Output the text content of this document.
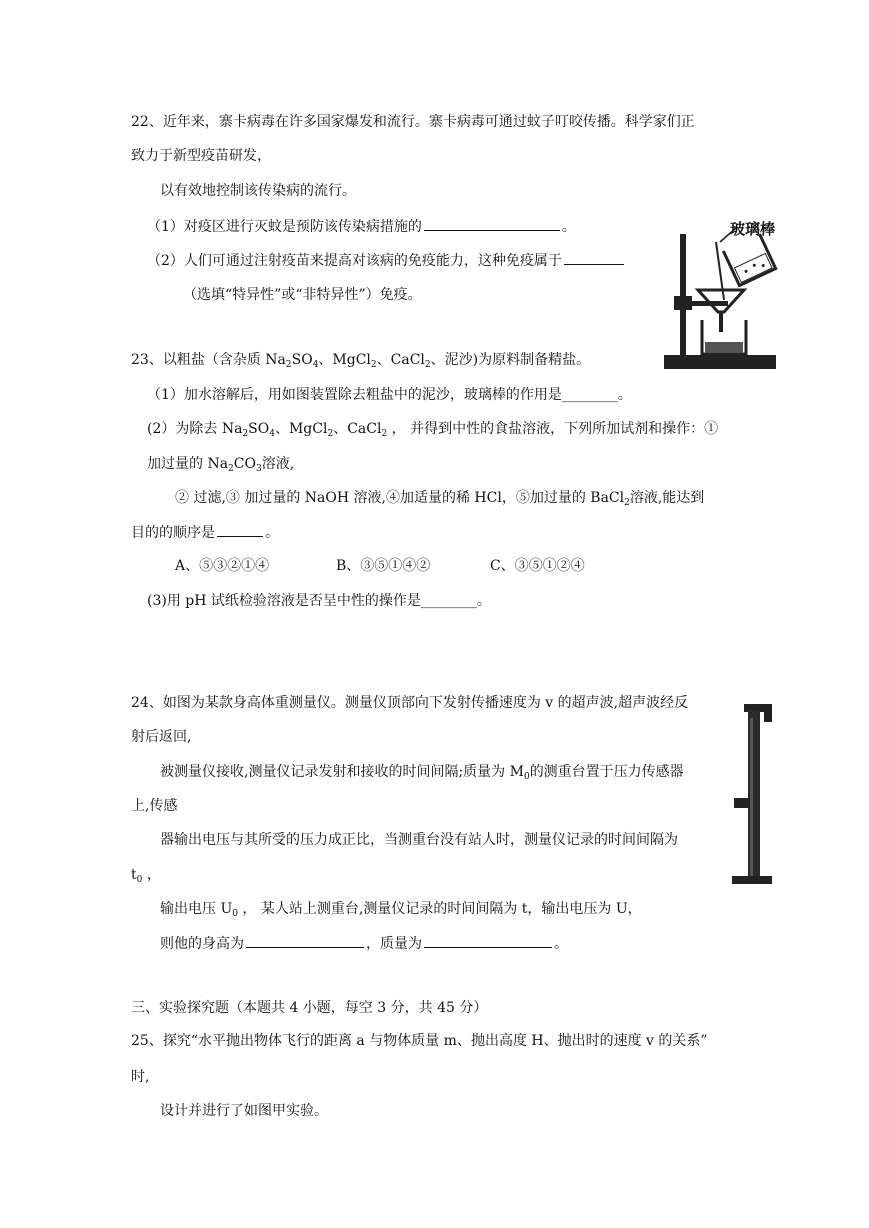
22、近年来，寨卡病毒在许多国家爆发和流行。寨卡病毒可通过蚊子叮咬传播。科学家们正
致力于新型疫苗研发，
以有效地控制该传染病的流行。
（1）对疫区进行灭蚊是预防该传染病措施的	。
（2）人们可通过注射疫苗来提高对该病的免疫能力，这种免疫属于
（选填“特异性”或“非特异性”）免疫。
玻璃棒
23、以粗盐（含杂质 $Na_2SO_4$、MgCl$_2$、CaCl$_2$、泥沙)为原料制备精盐。
（1）加水溶解后，用如图装置除去粗盐中的泥沙，玻璃棒的作用是________。
(2）为除去 $Na_2SO_4$、MgCl$_2$、CaCl$_2$ ， 并得到中性的食盐溶液，下列所加试剂和操作：①
加过量的 $Na_2CO_3$溶液,
② 过滤,③ 加过量的 NaOH 溶液,④加适量的稀 HCl，⑤加过量的 BaCl$_2$溶液,能达到
目的的顺序是	。
A、⑤③②①④	B、③⑤①④②	C、③⑤①②④
(3)用 pH 试纸检验溶液是否呈中性的操作是________。
24、如图为某款身高体重测量仪。测量仪顶部向下发射传播速度为 v 的超声波,超声波经反
射后返回,
被测量仪接收,测量仪记录发射和接收的时间间隔;质量为 $M_0$的测重台置于压力传感器
上,传感
器输出电压与其所受的压力成正比，当测重台没有站人时，测量仪记录的时间间隔为
$t_0$ ，
输出电压 $U_0$ ， 某人站上测重台,测量仪记录的时间间隔为 t，输出电压为 U，
则他的身高为	，质量为	。
三、实验探究题（本题共 4 小题，每空 3 分，共 45 分）
25、探究“水平抛出物体飞行的距离 a 与物体质量 m、抛出高度 H、抛出时的速度 v 的关系”
时,
设计并进行了如图甲实验。
